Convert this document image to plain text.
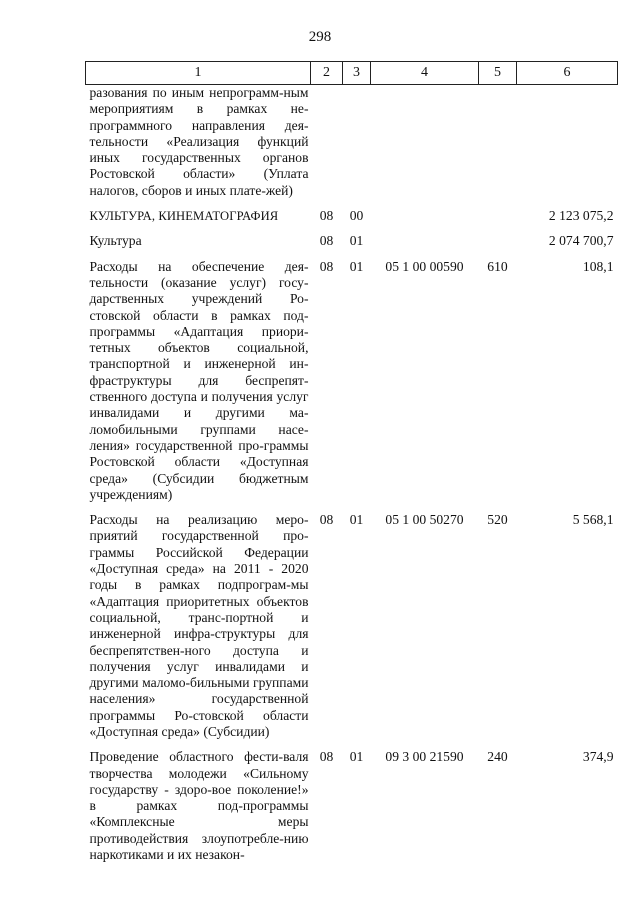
298
1	2	3	4	5	6
разования по иным непрограмм-ным мероприятиям в рамках не-программного направления дея-тельности «Реализация функций иных государственных органов Ростовской области» (Уплата налогов, сборов и иных плате-жей)					
КУЛЬТУРА, КИНЕМАТОГРАФИЯ	08	00			2 123 075,2
Культура	08	01			2 074 700,7
Расходы на обеспечение дея-тельности (оказание услуг) госу-дарственных учреждений Ро-стовской области в рамках под-программы «Адаптация приори-тетных объектов социальной, транспортной и инженерной ин-фраструктуры для беспрепят-ственного доступа и получения услуг инвалидами и другими ма-ломобильными группами насе-ления» государственной про-граммы Ростовской области «Доступная среда» (Субсидии бюджетным учреждениям)	08	01	05 1 00 00590	610	108,1
Расходы на реализацию меро-приятий государственной про-граммы Российской Федерации «Доступная среда» на 2011 - 2020 годы в рамках подпрограм-мы «Адаптация приоритетных объектов социальной, транс-портной и инженерной инфра-структуры для беспрепятствен-ного доступа и получения услуг инвалидами и другими маломо-бильными группами населения» государственной программы Ро-стовской области «Доступная среда» (Субсидии)	08	01	05 1 00 50270	520	5 568,1
Проведение областного фести-валя творчества молодежи «Сильному государству - здоро-вое поколение!» в рамках под-программы «Комплексные меры противодействия злоупотребле-нию наркотиками и их незакон-	08	01	09 3 00 21590	240	374,9
